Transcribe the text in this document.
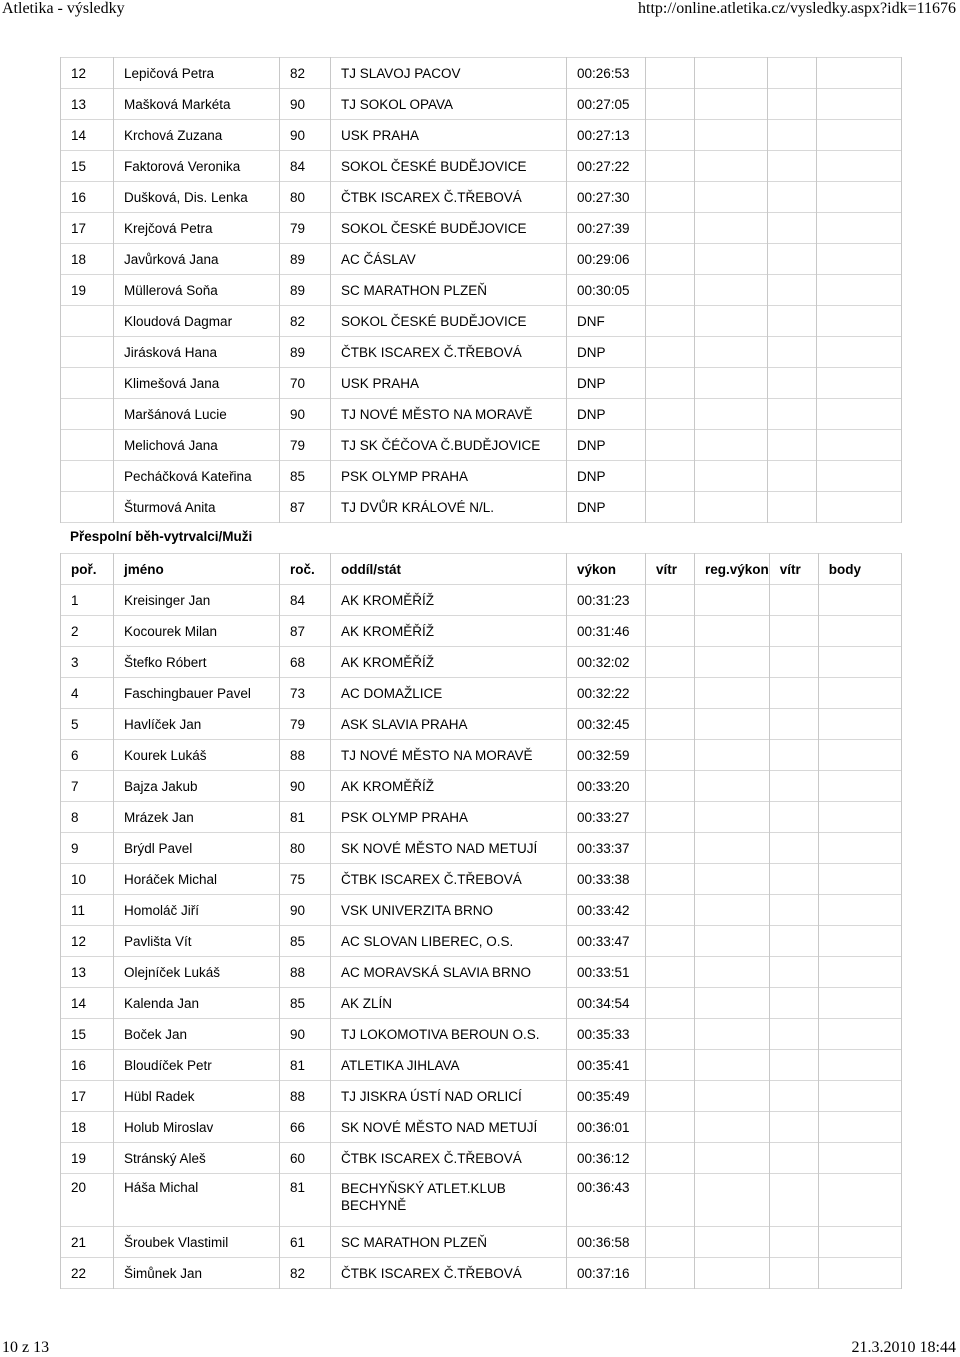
Atletika - výsledky	http://online.atletika.cz/vysledky.aspx?idk=11676
12	Lepičová Petra	82	TJ SLAVOJ PACOV	00:26:53				
13	Mašková Markéta	90	TJ SOKOL OPAVA	00:27:05				
14	Krchová Zuzana	90	USK PRAHA	00:27:13				
15	Faktorová Veronika	84	SOKOL ČESKÉ BUDĚJOVICE	00:27:22				
16	Dušková, Dis. Lenka	80	ČTBK ISCAREX Č.TŘEBOVÁ	00:27:30				
17	Krejčová Petra	79	SOKOL ČESKÉ BUDĚJOVICE	00:27:39				
18	Javůrková Jana	89	AC ČÁSLAV	00:29:06				
19	Müllerová Soňa	89	SC MARATHON PLZEŇ	00:30:05				
	Kloudová Dagmar	82	SOKOL ČESKÉ BUDĚJOVICE	DNF				
	Jirásková Hana	89	ČTBK ISCAREX Č.TŘEBOVÁ	DNP				
	Klimešová Jana	70	USK PRAHA	DNP				
	Maršánová Lucie	90	TJ NOVÉ MĚSTO NA MORAVĚ	DNP				
	Melichová Jana	79	TJ SK ČÉČOVA Č.BUDĚJOVICE	DNP				
	Pecháčková Kateřina	85	PSK OLYMP PRAHA	DNP				
	Šturmová Anita	87	TJ DVŮR KRÁLOVÉ N/L.	DNP				
Přespolní běh-vytrvalci/Muži
poř.	jméno	roč.	oddíl/stát	výkon	vítr	reg.výkon	vítr	body
1	Kreisinger Jan	84	AK KROMĚŘÍŽ	00:31:23				
2	Kocourek Milan	87	AK KROMĚŘÍŽ	00:31:46				
3	Štefko Róbert	68	AK KROMĚŘÍŽ	00:32:02				
4	Faschingbauer Pavel	73	AC DOMAŽLICE	00:32:22				
5	Havlíček Jan	79	ASK SLAVIA PRAHA	00:32:45				
6	Kourek Lukáš	88	TJ NOVÉ MĚSTO NA MORAVĚ	00:32:59				
7	Bajza Jakub	90	AK KROMĚŘÍŽ	00:33:20				
8	Mrázek Jan	81	PSK OLYMP PRAHA	00:33:27				
9	Brýdl Pavel	80	SK NOVÉ MĚSTO NAD METUJÍ	00:33:37				
10	Horáček Michal	75	ČTBK ISCAREX Č.TŘEBOVÁ	00:33:38				
11	Homoláč Jiří	90	VSK UNIVERZITA BRNO	00:33:42				
12	Pavlišta Vít	85	AC SLOVAN LIBEREC, O.S.	00:33:47				
13	Olejníček Lukáš	88	AC MORAVSKÁ SLAVIA BRNO	00:33:51				
14	Kalenda Jan	85	AK ZLÍN	00:34:54				
15	Boček Jan	90	TJ LOKOMOTIVA BEROUN O.S.	00:35:33				
16	Bloudíček Petr	81	ATLETIKA JIHLAVA	00:35:41				
17	Hübl Radek	88	TJ JISKRA ÚSTÍ NAD ORLICÍ	00:35:49				
18	Holub Miroslav	66	SK NOVÉ MĚSTO NAD METUJÍ	00:36:01				
19	Stránský Aleš	60	ČTBK ISCAREX Č.TŘEBOVÁ	00:36:12				
20	Háša Michal	81	BECHYŇSKÝ ATLET.KLUB BECHYNĚ	00:36:43				
21	Šroubek Vlastimil	61	SC MARATHON PLZEŇ	00:36:58				
22	Šimůnek Jan	82	ČTBK ISCAREX Č.TŘEBOVÁ	00:37:16				
10 z 13	21.3.2010 18:44
